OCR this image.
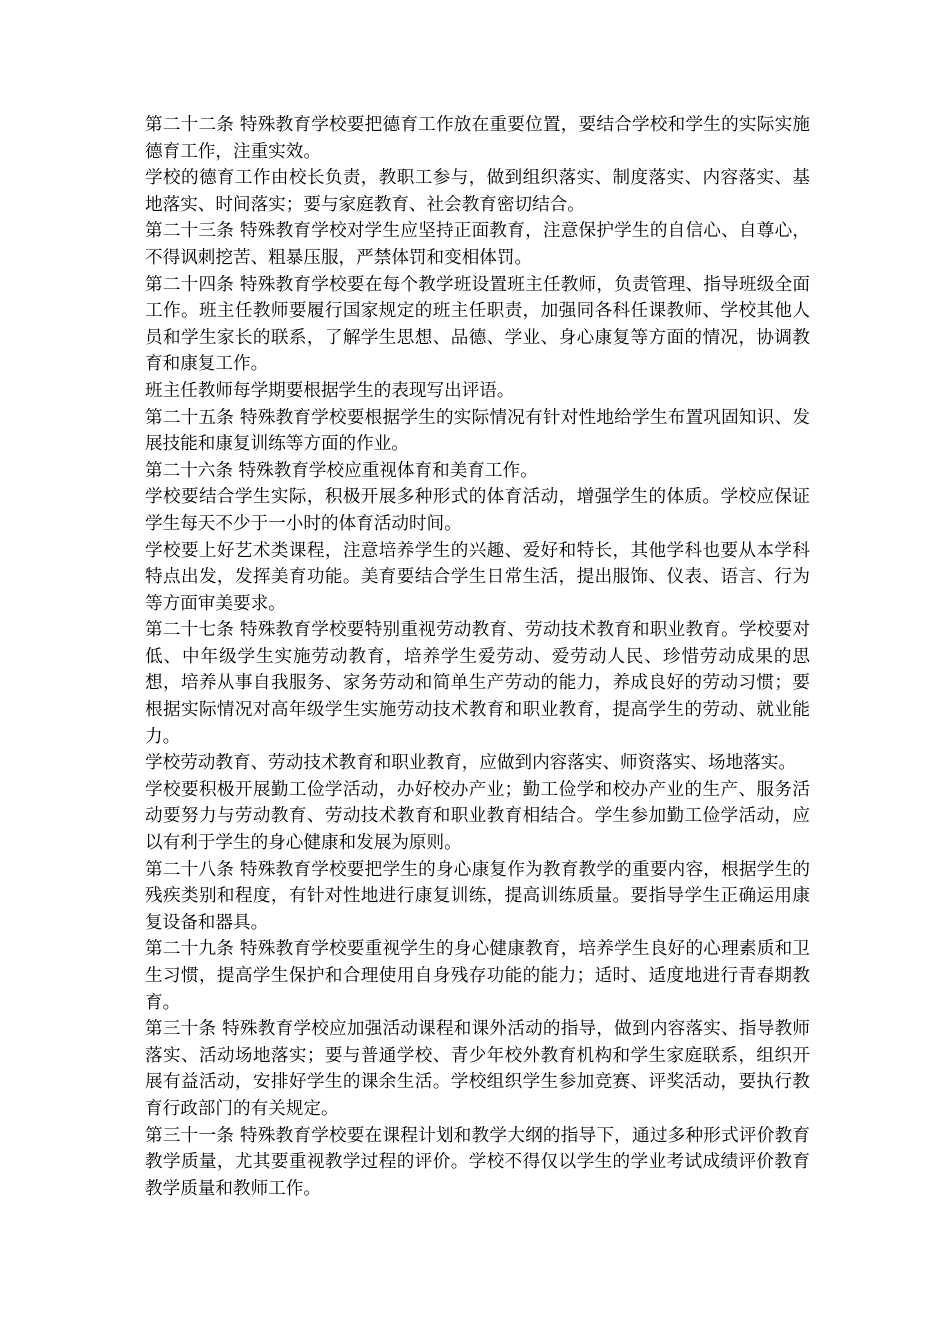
第二十二条 特殊教育学校要把德育工作放在重要位置，要结合学校和学生的实际实施德育工作，注重实效。

学校的德育工作由校长负责，教职工参与，做到组织落实、制度落实、内容落实、基地落实、时间落实；要与家庭教育、社会教育密切结合。

第二十三条 特殊教育学校对学生应坚持正面教育，注意保护学生的自信心、自尊心，不得讽刺挖苦、粗暴压服，严禁体罚和变相体罚。

第二十四条 特殊教育学校要在每个教学班设置班主任教师，负责管理、指导班级全面工作。班主任教师要履行国家规定的班主任职责，加强同各科任课教师、学校其他人员和学生家长的联系，了解学生思想、品德、学业、身心康复等方面的情况，协调教育和康复工作。

班主任教师每学期要根据学生的表现写出评语。

第二十五条 特殊教育学校要根据学生的实际情况有针对性地给学生布置巩固知识、发展技能和康复训练等方面的作业。

第二十六条 特殊教育学校应重视体育和美育工作。

学校要结合学生实际，积极开展多种形式的体育活动，增强学生的体质。学校应保证学生每天不少于一小时的体育活动时间。

学校要上好艺术类课程，注意培养学生的兴趣、爱好和特长，其他学科也要从本学科特点出发，发挥美育功能。美育要结合学生日常生活，提出服饰、仪表、语言、行为等方面审美要求。

第二十七条 特殊教育学校要特别重视劳动教育、劳动技术教育和职业教育。学校要对低、中年级学生实施劳动教育，培养学生爱劳动、爱劳动人民、珍惜劳动成果的思想，培养从事自我服务、家务劳动和简单生产劳动的能力，养成良好的劳动习惯；要根据实际情况对高年级学生实施劳动技术教育和职业教育，提高学生的劳动、就业能力。

学校劳动教育、劳动技术教育和职业教育，应做到内容落实、师资落实、场地落实。

学校要积极开展勤工俭学活动，办好校办产业；勤工俭学和校办产业的生产、服务活动要努力与劳动教育、劳动技术教育和职业教育相结合。学生参加勤工俭学活动，应以有利于学生的身心健康和发展为原则。

第二十八条 特殊教育学校要把学生的身心康复作为教育教学的重要内容，根据学生的残疾类别和程度，有针对性地进行康复训练，提高训练质量。要指导学生正确运用康复设备和器具。

第二十九条 特殊教育学校要重视学生的身心健康教育，培养学生良好的心理素质和卫生习惯，提高学生保护和合理使用自身残存功能的能力；适时、适度地进行青春期教育。

第三十条 特殊教育学校应加强活动课程和课外活动的指导，做到内容落实、指导教师落实、活动场地落实；要与普通学校、青少年校外教育机构和学生家庭联系，组织开展有益活动，安排好学生的课余生活。学校组织学生参加竞赛、评奖活动，要执行教育行政部门的有关规定。

第三十一条 特殊教育学校要在课程计划和教学大纲的指导下，通过多种形式评价教育教学质量，尤其要重视教学过程的评价。学校不得仅以学生的学业考试成绩评价教育教学质量和教师工作。
